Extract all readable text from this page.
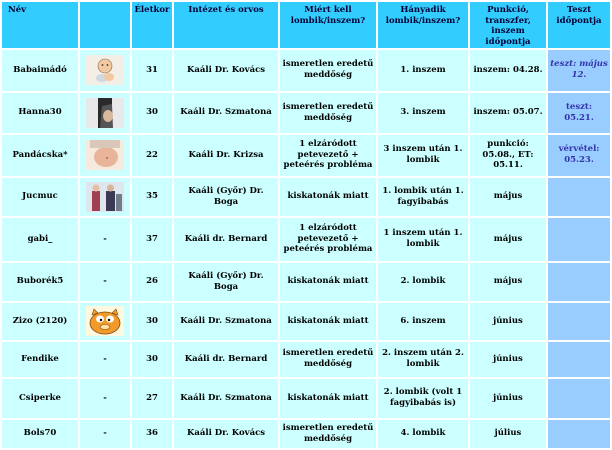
Név		Életkor	Intézet és orvos	Miért kell lombik/inszem?	Hányadik lombik/inszem?	Punkció, transzfer, inszem időpontja	Teszt időpontja
Babaimádó		31	Kaáli Dr. Kovács	ismeretlen eredetű meddőség	1. inszem	inszem: 04.28.	teszt: május 12.
Hanna30		30	Kaáli Dr. Szmatona	ismeretlen eredetű meddőség	3. inszem	inszem: 05.07.	teszt: 05.21.
Pandácska*		22	Kaáli Dr. Krizsa	1 elzáródott petevezető + peteérés probléma	3 inszem után 1. lombik	punkció: 05.08., ET: 05.11.	vérvétel: 05.23.
Jucmuc		35	Kaáli (Győr) Dr. Boga	kiskatonák miatt	1. lombik után 1. fagyibabás	május	
gabi_	-	37	Kaáli dr. Bernard	1 elzáródott petevezető + peteérés probléma	1 inszem után 1. lombik	május	
Buborék5	-	26	Kaáli (Győr) Dr. Boga	kiskatonák miatt	2. lombik	május	
Zizo (2120)		30	Kaáli Dr. Szmatona	kiskatonák miatt	6. inszem	június	
Fendike	-	30	Kaáli dr. Bernard	ismeretlen eredetű meddőség	2. inszem után 2. lombik	június	
Csiperke	-	27	Kaáli Dr. Szmatona	kiskatonák miatt	2. lombik (volt 1 fagyibabás is)	június	
Bols70	-	36	Kaáli Dr. Kovács	ismeretlen eredetű meddőség	4. lombik	július	
